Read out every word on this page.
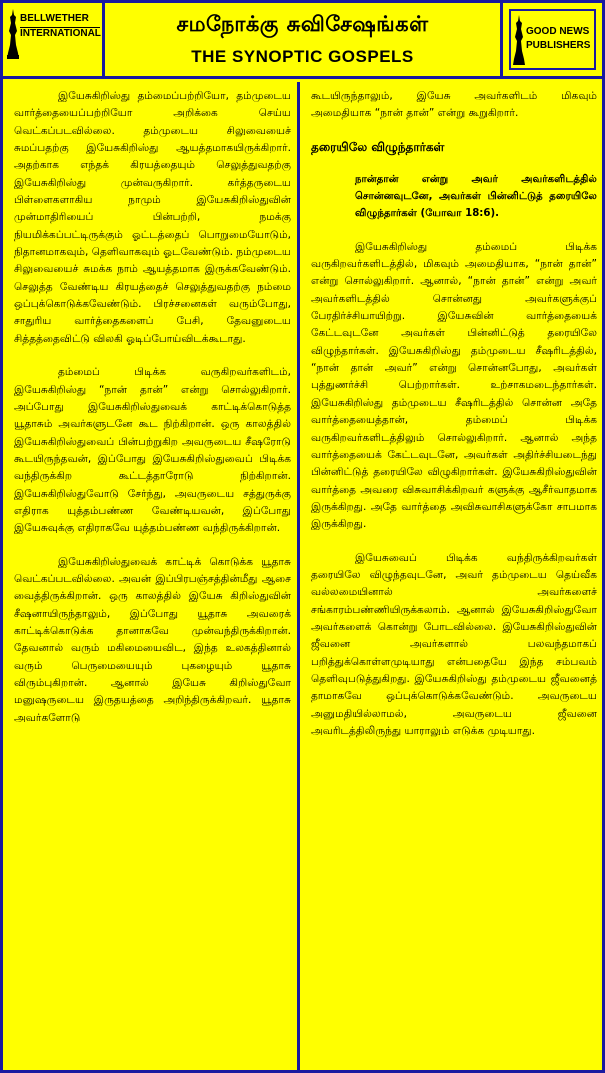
BELLWETHER
INTERNATIONAL	சமநோக்கு சுவிசேஷங்கள்
THE SYNOPTIC GOSPELS
GOOD NEWS
PUBLISHERS

இயேசுகிறிஸ்து தம்மைப்பற்றியோ, தம்முடைய வார்த்தையைப்பற்றியோ அறிக்கை செய்ய வெட்கப்படவில்லை. தம்முடைய சிலுவையைச் சுமப்பதற்கு இயேசுகிறிஸ்து ஆயத்தமாகயிருக்கிறார். அதற்காக எந்தக் கிரயத்தையும் செலுத்துவதற்கு இயேசுகிறிஸ்து முன்வருகிறார். கர்த்தருடைய பிள்ளைகளாகிய நாமும் இயேசுகிறிஸ்துவின் முன்மாதிரியைப் பின்பற்றி, நமக்கு நியமிக்கப்பட்டிருக்கும் ஓட்டத்தைப் பொறுமையோடும், நிதானமாகவும், தெளிவாகவும் ஓடவேண்டும். நம்முடைய சிலுவையைச் சுமக்க நாம் ஆயத்தமாக இருக்கவேண்டும். செலுத்த வேண்டிய கிரயத்தைச் செலுத்துவதற்கு நம்மை ஒப்புக்கொடுக்கவேண்டும். பிரச்சனைகள் வரும்போது, சாதுரிய வார்த்தைகளைப் பேசி, தேவனுடைய சித்தத்தைவிட்டு விலகி ஓடிப்போய்விடக்கூடாது.

தம்மைப் பிடிக்க வருகிறவர்களிடம், இயேசுகிறிஸ்து “நான் தான்” என்று சொல்லுகிறார். அப்போது இயேசுகிறிஸ்துவைக் காட்டிக்கொடுத்த யூதாசும் அவர்களுடனே கூட நிற்கிறான். ஒரு காலத்தில் இயேசுகிறிஸ்துவைப் பின்பற்றுகிற அவருடைய சீஷரோடு கூடயிருந்தவன், இப்போது இயேசுகிறிஸ்துவைப் பிடிக்க வந்திருக்கிற கூட்டத்தாரோடு நிற்கிறான். இயேசுகிறிஸ்துவோடு சேர்ந்து, அவருடைய சத்துருக்கு எதிராக யுத்தம்பண்ண வேண்டியவன், இப்போது இயேசுவுக்கு எதிராகவே யுத்தம்பண்ண வந்திருக்கிறான்.

இயேசுகிறிஸ்துவைக் காட்டிக் கொடுக்க யூதாசு வெட்கப்படவில்லை. அவன் இப்பிரபஞ்சத்தின்மீது ஆசை வைத்திருக்கிறான். ஒரு காலத்தில் இயேசு கிறிஸ்துவின் சீஷனாயிருந்தாலும், இப்போது யூதாசு அவரைக் காட்டிக்கொடுக்க தானாகவே முன்வந்திருக்கிறான். தேவனால் வரும் மகிமையைவிட, இந்த உலகத்தினால் வரும் பெருமையையும் புகழையும் யூதாசு விரும்புகிறான். ஆனால் இயேசு கிறிஸ்துவோ மனுஷருடைய இருதயத்தை அறிந்திருக்கிறவர். யூதாசு அவர்களோடு

கூடயிருந்தாலும், இயேசு அவர்களிடம் மிகவும் அமைதியாக “நான் தான்” என்று கூறுகிறார்.

தரையிலே விழுந்தார்கள்

நான்தான் என்று அவர் அவர்களிடத்தில் சொன்னவுடனே, அவர்கள் பின்னிட்டுத் தரையிலே விழுந்தார்கள் (யோவா 18:6).

இயேசுகிறிஸ்து தம்மைப் பிடிக்க வருகிறவர்களிடத்தில், மிகவும் அமைதியாக, “நான் தான்” என்று சொல்லுகிறார். ஆனால், “நான் தான்” என்று அவர் அவர்களிடத்தில் சொன்னது அவர்களுக்குப் பேரதிர்ச்சியாயிற்று. இயேசுவின் வார்த்தையைக் கேட்டவுடனே அவர்கள் பின்னிட்டுத் தரையிலே விழுந்தார்கள். இயேசுகிறிஸ்து தம்முடைய சீஷரிடத்தில், “நான் தான் அவர்” என்று சொன்னபோது, அவர்கள் புத்துணர்ச்சி பெற்றார்கள். உற்சாகமடைந்தார்கள். இயேசுகிறிஸ்து தம்முடைய சீஷரிடத்தில் சொன்ன அதே வார்த்தையைத்தான், தம்மைப் பிடிக்க வருகிறவர்களிடத்திலும் சொல்லுகிறார். ஆனால் அந்த வார்த்தையைக் கேட்டவுடனே, அவர்கள் அதிர்ச்சியடைந்து பின்னிட்டுத் தரையிலே விழுகிறார்கள். இயேசுகிறிஸ்துவின் வார்த்தை அவரை விசுவாசிக்கிறவர் களுக்கு ஆசீர்வாதமாக இருக்கிறது. அதே வார்த்தை அவிசுவாசிகளுக்கோ சாபமாக இருக்கிறது.

இயேசுவைப் பிடிக்க வந்திருக்கிறவர்கள் தரையிலே விழுந்தவுடனே, அவர் தம்முடைய தெய்வீக வல்லமையினால் அவர்களைச் சங்காரம்பண்ணியிருக்கலாம். ஆனால் இயேசுகிறிஸ்துவோ அவர்களைக் கொன்று போடவில்லை. இயேசுகிறிஸ்துவின் ஜீவனை அவர்களால் பலவந்தமாகப் பறித்துக்கொள்ளமுடியாது என்பதையே இந்த சம்பவம் தெளிவுபடுத்துகிறது. இயேசுகிறிஸ்து தம்முடைய ஜீவனைத் தாமாகவே ஒப்புக்கொடுக்கவேண்டும். அவருடைய அனுமதியில்லாமல், அவருடைய ஜீவனை அவரிடத்திலிருந்து யாராலும் எடுக்க முடியாது.
